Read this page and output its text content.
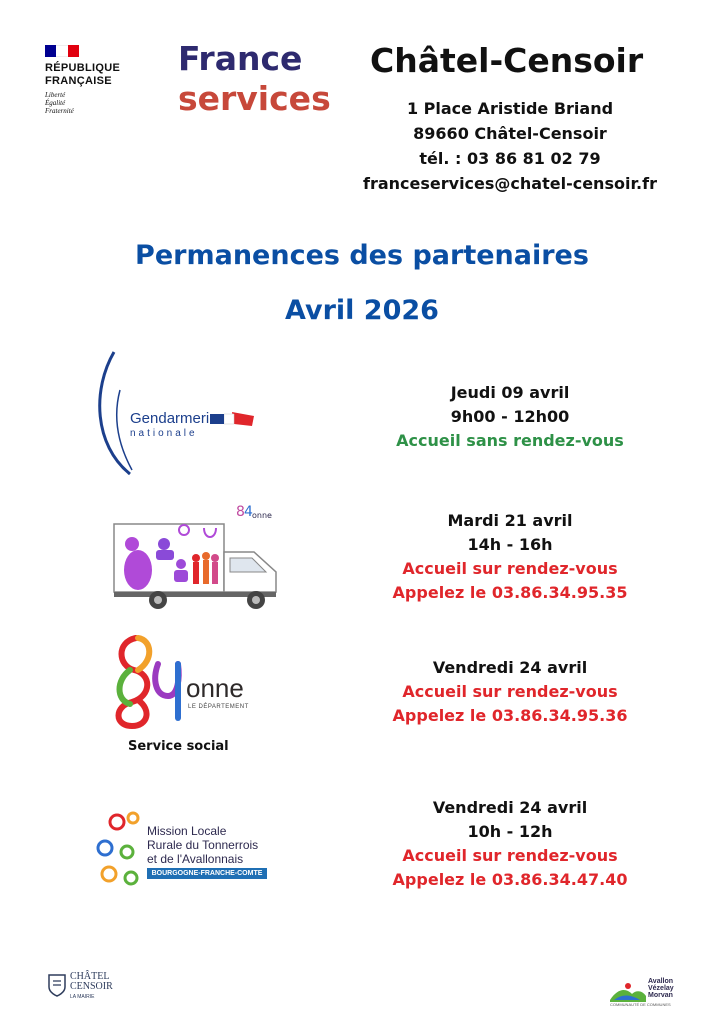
RÉPUBLIQUE
FRANÇAISE
Liberté
Égalité
Fraternité
France
services
Châtel-Censoir
1 Place Aristide Briand
89660 Châtel-Censoir
tél. : 03 86 81 02 79
franceservices@chatel-censoir.fr
Permanences des partenaires
Avril 2026
Gendarmerie
nationale
Jeudi 09 avril
9h00 - 12h00
Accueil sans rendez-vous
8 4 onne	Mardi 21 avril
14h - 16h
Accueil sur rendez-vous
Appelez le 03.86.34.95.35
onne
LE DÉPARTEMENT
Service social
Vendredi 24 avril
Accueil sur rendez-vous
Appelez le 03.86.34.95.36
Mission Locale
Rurale du Tonnerrois
et de l'Avallonnais
BOURGOGNE-FRANCHE-COMTE
Vendredi 24 avril
10h - 12h
Accueil sur rendez-vous
Appelez le 03.86.34.47.40
CHÂTEL
CENSOIR
LA MAIRIE
Avallon
Vézelay
Morvan
COMMUNAUTÉ DE COMMUNES
